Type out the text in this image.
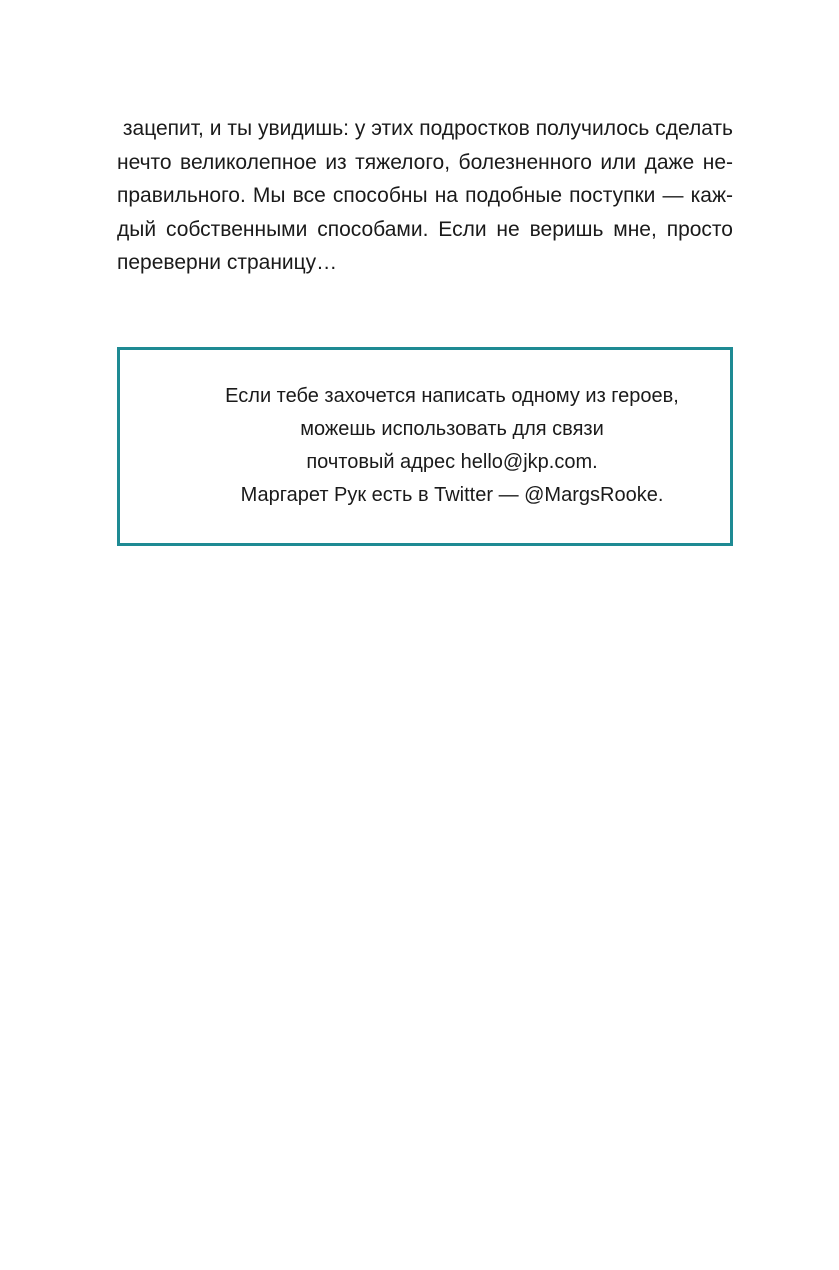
зацепит, и ты увидишь: у этих подростков получилось сделать
нечто великолепное из тяжелого, болезненного или даже не-
правильного. Мы все способны на подобные поступки — каж-
дый собственными способами. Если не веришь мне, просто
переверни страницу…
Если тебе захочется написать одному из героев,
можешь использовать для связи
почтовый адрес hello@jkp.com.
Маргарет Рук есть в Twitter — @MargsRooke.
